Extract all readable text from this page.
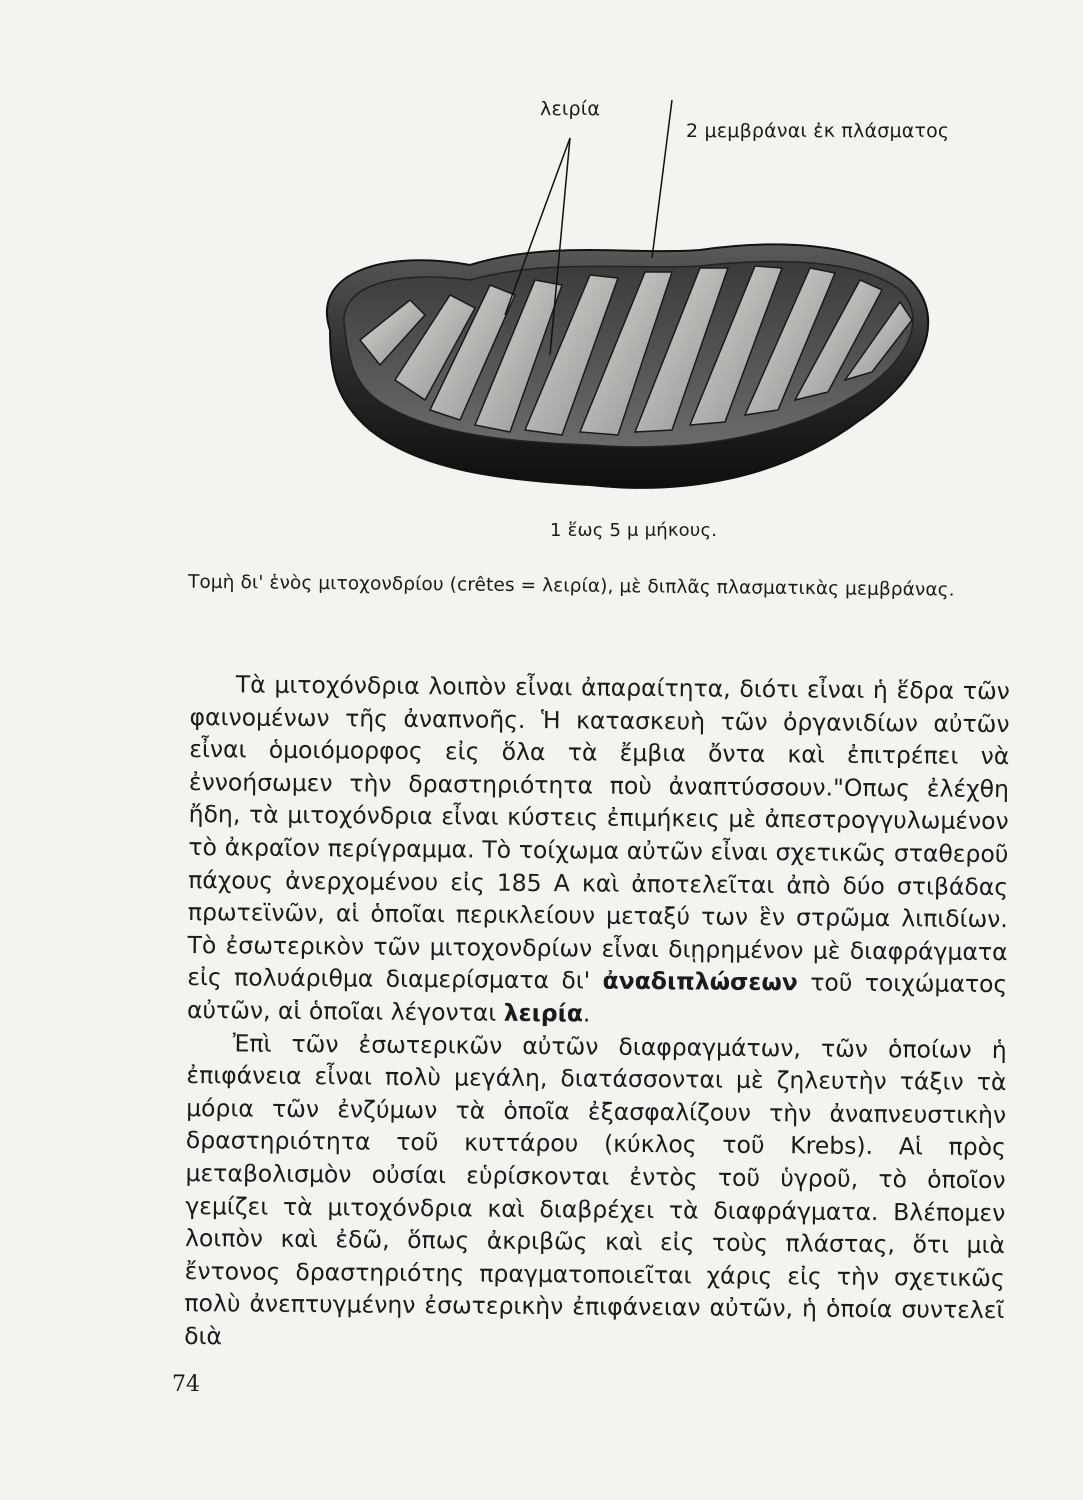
λειρία
2 μεμβράναι ἐκ πλάσματος
1 ἕως 5 μ μήκους.
Τομὴ δι' ἑνὸς μιτοχονδρίου (crêtes = λειρία), μὲ διπλᾶς πλασματικὰς μεμβράνας.

Τὰ μιτοχόνδρια λοιπὸν εἶναι ἀπαραίτητα, διότι εἶναι ἡ ἕδρα τῶν φαινομένων τῆς ἀναπνοῆς. Ἡ κατασκευὴ τῶν ὀργανιδίων αὐτῶν εἶναι ὁμοιόμορφος εἰς ὅλα τὰ ἔμβια ὄντα καὶ ἐπιτρέπει νὰ ἐννοήσωμεν τὴν δραστηριότητα ποὺ ἀναπτύσσουν."Οπως ἐλέχθη ἤδη, τὰ μιτοχόνδρια εἶναι κύστεις ἐπιμήκεις μὲ ἀπεστρογγυλωμένον τὸ ἀκραῖον περίγραμμα. Τὸ τοίχωμα αὐτῶν εἶναι σχετικῶς σταθεροῦ πάχους ἀνερχομένου εἰς 185 Α καὶ ἀποτελεῖται ἀπὸ δύο στιβάδας πρωτεϊνῶν, αἱ ὁποῖαι περικλείουν μεταξύ των ἓν στρῶμα λιπιδίων. Τὸ ἐσωτερικὸν τῶν μιτοχονδρίων εἶναι διῃρημένον μὲ διαφράγματα εἰς πολυάριθμα διαμερίσματα δι' ἀναδιπλώσεων τοῦ τοιχώματος αὐτῶν, αἱ ὁποῖαι λέγονται λειρία.

Ἐπὶ τῶν ἐσωτερικῶν αὐτῶν διαφραγμάτων, τῶν ὁποίων ἡ ἐπιφάνεια εἶναι πολὺ μεγάλη, διατάσσονται μὲ ζηλευτὴν τάξιν τὰ μόρια τῶν ἐνζύμων τὰ ὁποῖα ἐξασφαλίζουν τὴν ἀναπνευστικὴν δραστηριότητα τοῦ κυττάρου (κύκλος τοῦ Krebs). Αἱ πρὸς μεταβολισμὸν οὐσίαι εὑρίσκονται ἐντὸς τοῦ ὑγροῦ, τὸ ὁποῖον γεμίζει τὰ μιτοχόνδρια καὶ διαβρέχει τὰ διαφράγματα. Βλέπομεν λοιπὸν καὶ ἐδῶ, ὅπως ἀκριβῶς καὶ εἰς τοὺς πλάστας, ὅτι μιὰ ἔντονος δραστηριότης πραγματοποιεῖται χάρις εἰς τὴν σχετικῶς πολὺ ἀνεπτυγμένην ἐσωτερικὴν ἐπιφάνειαν αὐτῶν, ἡ ὁποία συντελεῖ διὰ

74
